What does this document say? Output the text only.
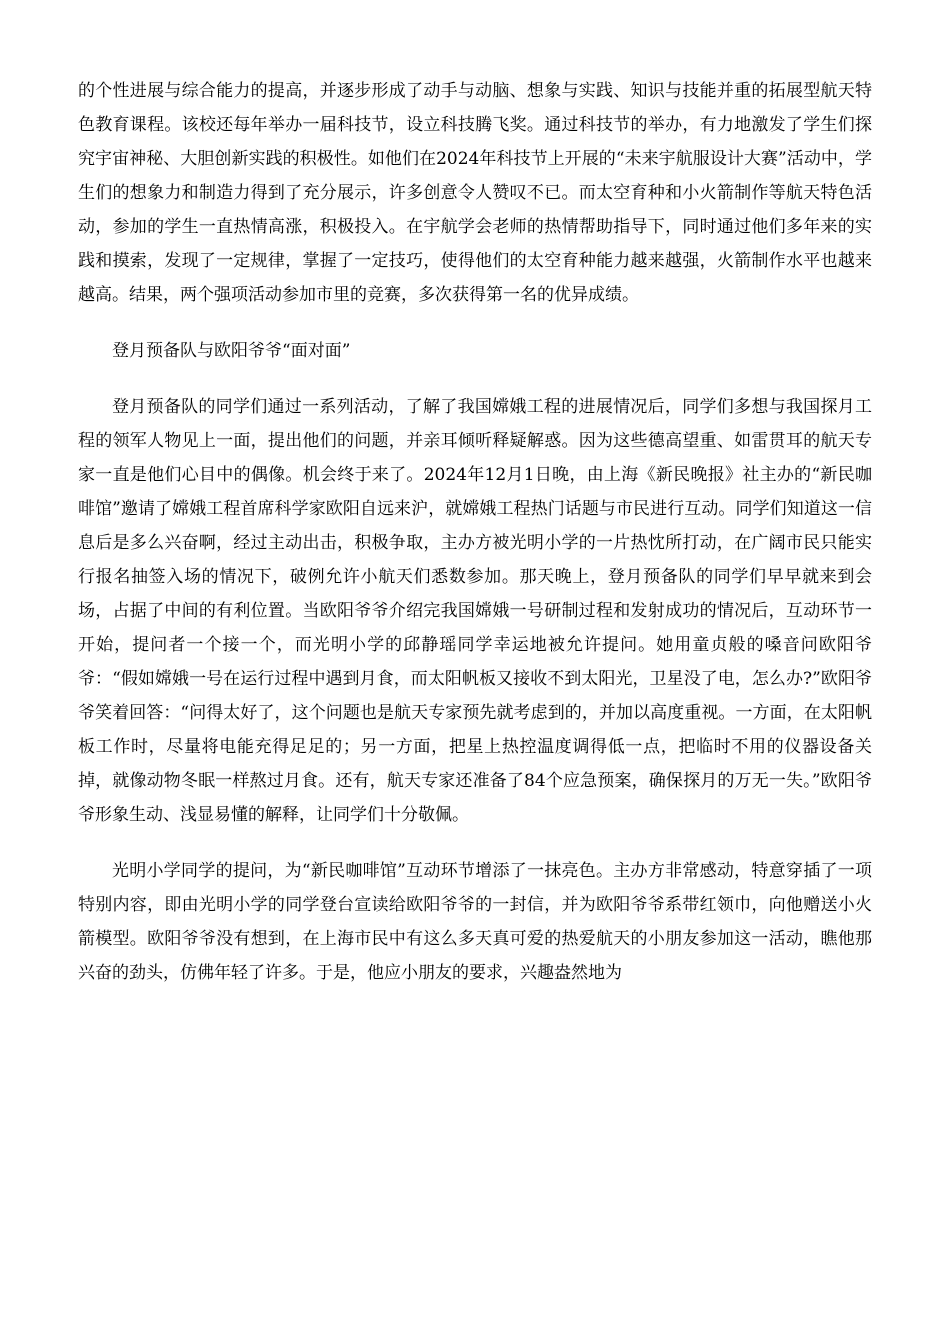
的个性进展与综合能力的提高，并逐步形成了动手与动脑、想象与实践、知识与技能并重的拓展型航天特色教育课程。该校还每年举办一届科技节，设立科技腾飞奖。通过科技节的举办，有力地激发了学生们探究宇宙神秘、大胆创新实践的积极性。如他们在2024年科技节上开展的“未来宇航服设计大赛”活动中，学生们的想象力和制造力得到了充分展示，许多创意令人赞叹不已。而太空育种和小火箭制作等航天特色活动，参加的学生一直热情高涨，积极投入。在宇航学会老师的热情帮助指导下，同时通过他们多年来的实践和摸索，发现了一定规律，掌握了一定技巧，使得他们的太空育种能力越来越强，火箭制作水平也越来越高。结果，两个强项活动参加市里的竞赛，多次获得第一名的优异成绩。

登月预备队与欧阳爷爷“面对面”

登月预备队的同学们通过一系列活动，了解了我国嫦娥工程的进展情况后，同学们多想与我国探月工程的领军人物见上一面，提出他们的问题，并亲耳倾听释疑解惑。因为这些德高望重、如雷贯耳的航天专家一直是他们心目中的偶像。机会终于来了。2024年12月1日晚，由上海《新民晚报》社主办的“新民咖啡馆”邀请了嫦娥工程首席科学家欧阳自远来沪，就嫦娥工程热门话题与市民进行互动。同学们知道这一信息后是多么兴奋啊，经过主动出击，积极争取，主办方被光明小学的一片热忱所打动，在广阔市民只能实行报名抽签入场的情况下，破例允许小航天们悉数参加。那天晚上，登月预备队的同学们早早就来到会场，占据了中间的有利位置。当欧阳爷爷介绍完我国嫦娥一号研制过程和发射成功的情况后，互动环节一开始，提问者一个接一个，而光明小学的邱静瑶同学幸运地被允许提问。她用童贞般的嗓音问欧阳爷爷：“假如嫦娥一号在运行过程中遇到月食，而太阳帆板又接收不到太阳光，卫星没了电，怎么办?”欧阳爷爷笑着回答：“问得太好了，这个问题也是航天专家预先就考虑到的，并加以高度重视。一方面，在太阳帆板工作时，尽量将电能充得足足的；另一方面，把星上热控温度调得低一点，把临时不用的仪器设备关掉，就像动物冬眠一样熬过月食。还有，航天专家还准备了84个应急预案，确保探月的万无一失。”欧阳爷爷形象生动、浅显易懂的解释，让同学们十分敬佩。

光明小学同学的提问，为“新民咖啡馆”互动环节增添了一抹亮色。主办方非常感动，特意穿插了一项特别内容，即由光明小学的同学登台宣读给欧阳爷爷的一封信，并为欧阳爷爷系带红领巾，向他赠送小火箭模型。欧阳爷爷没有想到，在上海市民中有这么多天真可爱的热爱航天的小朋友参加这一活动，瞧他那兴奋的劲头，仿佛年轻了许多。于是，他应小朋友的要求，兴趣盎然地为
